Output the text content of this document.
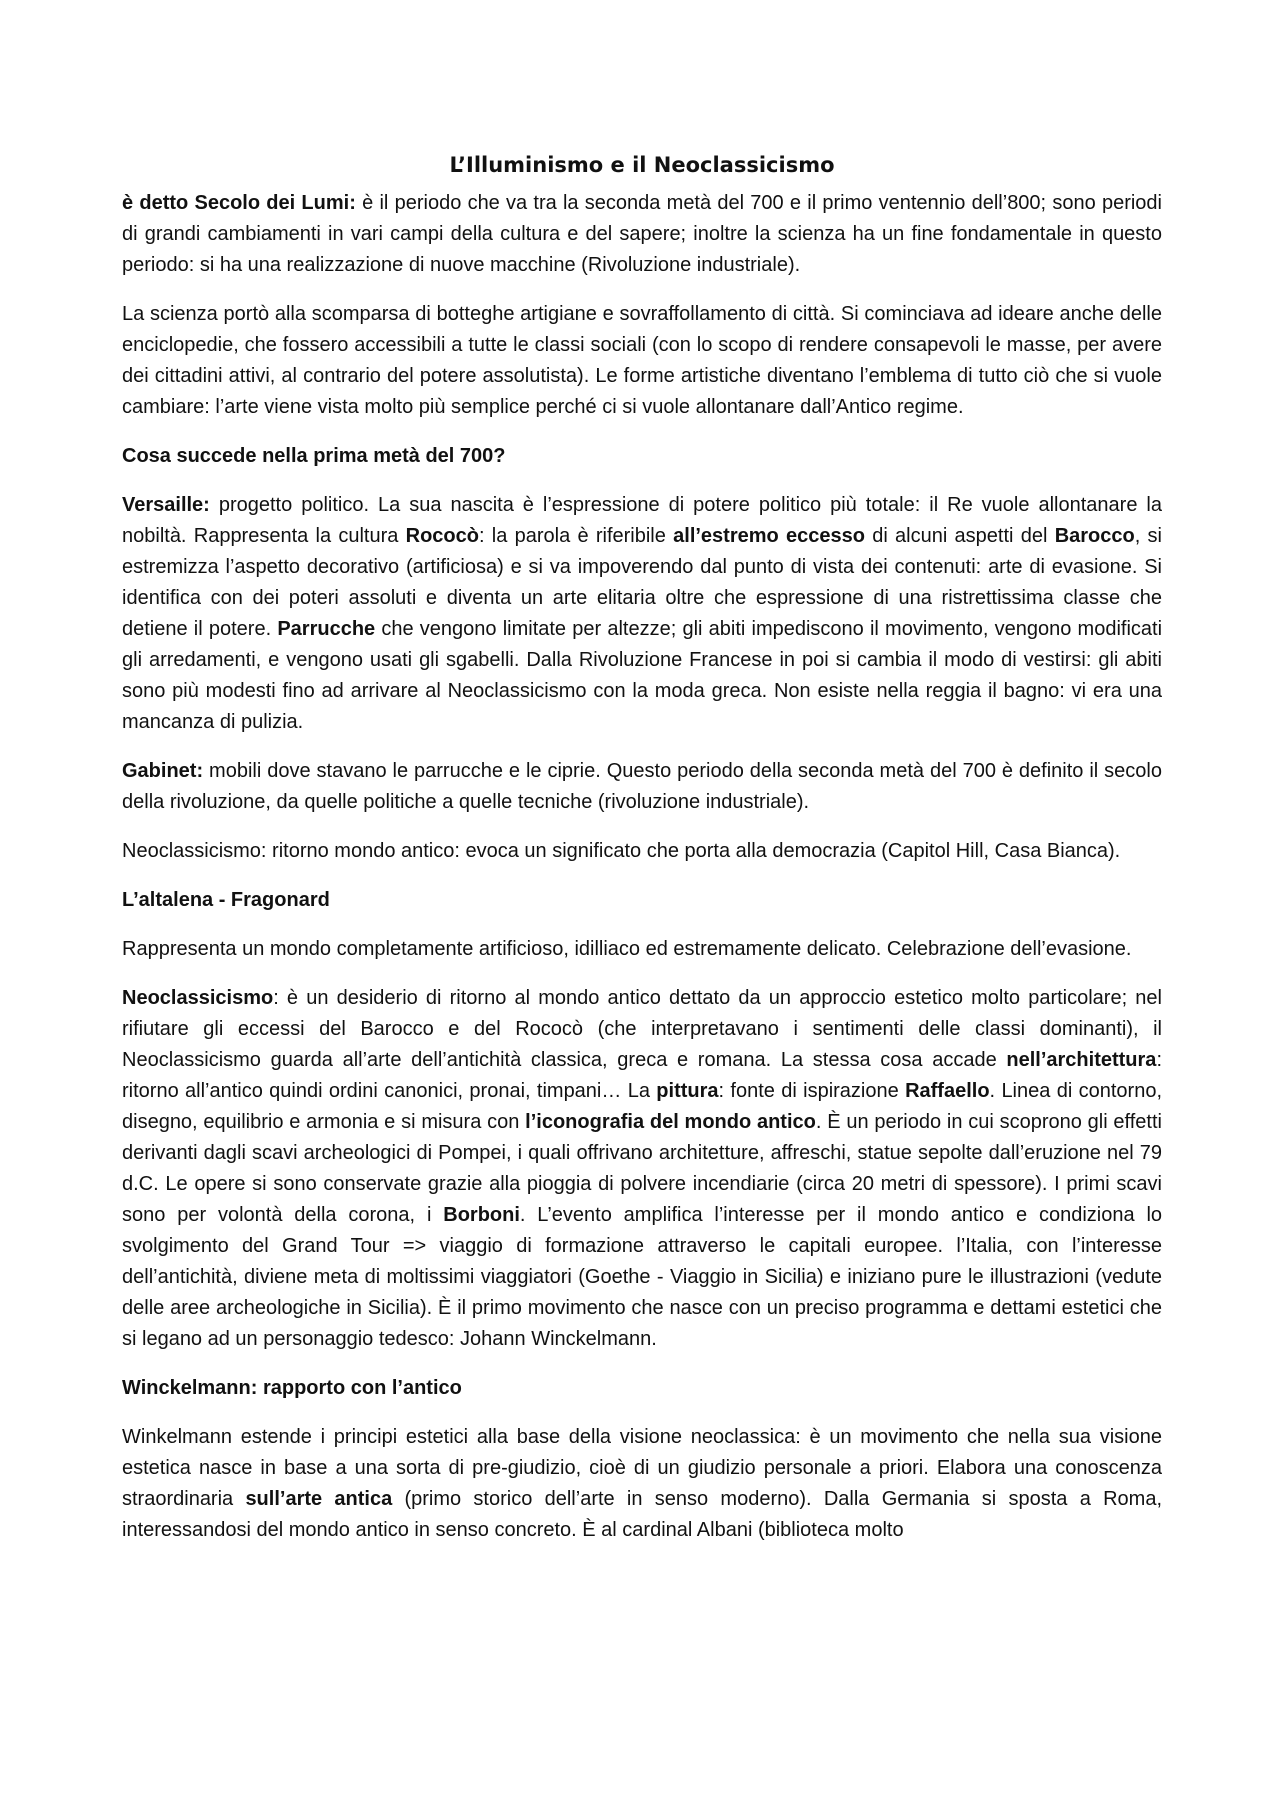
L’Illuminismo e il Neoclassicismo

è detto Secolo dei Lumi: è il periodo che va tra la seconda metà del 700 e il primo ventennio dell’800; sono periodi di grandi cambiamenti in vari campi della cultura e del sapere; inoltre la scienza ha un fine fondamentale in questo periodo: si ha una realizzazione di nuove macchine (Rivoluzione industriale).

La scienza portò alla scomparsa di botteghe artigiane e sovraffollamento di città. Si cominciava ad ideare anche delle enciclopedie, che fossero accessibili a tutte le classi sociali (con lo scopo di rendere consapevoli le masse, per avere dei cittadini attivi, al contrario del potere assolutista). Le forme artistiche diventano l’emblema di tutto ciò che si vuole cambiare: l’arte viene vista molto più semplice perché ci si vuole allontanare dall’Antico regime.

Cosa succede nella prima metà del 700?

Versaille: progetto politico. La sua nascita è l’espressione di potere politico più totale: il Re vuole allontanare la nobiltà. Rappresenta la cultura Rococò: la parola è riferibile all’estremo eccesso di alcuni aspetti del Barocco, si estremizza l’aspetto decorativo (artificiosa) e si va impoverendo dal punto di vista dei contenuti: arte di evasione. Si identifica con dei poteri assoluti e diventa un arte elitaria oltre che espressione di una ristrettissima classe che detiene il potere. Parrucche che vengono limitate per altezze; gli abiti impediscono il movimento, vengono modificati gli arredamenti, e vengono usati gli sgabelli. Dalla Rivoluzione Francese in poi si cambia il modo di vestirsi: gli abiti sono più modesti fino ad arrivare al Neoclassicismo con la moda greca. Non esiste nella reggia il bagno: vi era una mancanza di pulizia.

Gabinet: mobili dove stavano le parrucche e le ciprie. Questo periodo della seconda metà del 700 è definito il secolo della rivoluzione, da quelle politiche a quelle tecniche (rivoluzione industriale).

Neoclassicismo: ritorno mondo antico: evoca un significato che porta alla democrazia (Capitol Hill, Casa Bianca).

L’altalena - Fragonard

Rappresenta un mondo completamente artificioso, idilliaco ed estremamente delicato. Celebrazione dell’evasione.

Neoclassicismo: è un desiderio di ritorno al mondo antico dettato da un approccio estetico molto particolare; nel rifiutare gli eccessi del Barocco e del Rococò (che interpretavano i sentimenti delle classi dominanti), il Neoclassicismo guarda all’arte dell’antichità classica, greca e romana. La stessa cosa accade nell’architettura: ritorno all’antico quindi ordini canonici, pronai, timpani… La pittura: fonte di ispirazione Raffaello. Linea di contorno, disegno, equilibrio e armonia e si misura con l’iconografia del mondo antico. È un periodo in cui scoprono gli effetti derivanti dagli scavi archeologici di Pompei, i quali offrivano architetture, affreschi, statue sepolte dall’eruzione nel 79 d.C. Le opere si sono conservate grazie alla pioggia di polvere incendiarie (circa 20 metri di spessore). I primi scavi sono per volontà della corona, i Borboni. L’evento amplifica l’interesse per il mondo antico e condiziona lo svolgimento del Grand Tour => viaggio di formazione attraverso le capitali europee. l’Italia, con l’interesse dell’antichità, diviene meta di moltissimi viaggiatori (Goethe - Viaggio in Sicilia) e iniziano pure le illustrazioni (vedute delle aree archeologiche in Sicilia). È il primo movimento che nasce con un preciso programma e dettami estetici che si legano ad un personaggio tedesco: Johann Winckelmann.

Winckelmann: rapporto con l’antico

Winkelmann estende i principi estetici alla base della visione neoclassica: è un movimento che nella sua visione estetica nasce in base a una sorta di pre-giudizio, cioè di un giudizio personale a priori. Elabora una conoscenza straordinaria sull’arte antica (primo storico dell’arte in senso moderno). Dalla Germania si sposta a Roma, interessandosi del mondo antico in senso concreto. È al cardinal Albani (biblioteca molto
